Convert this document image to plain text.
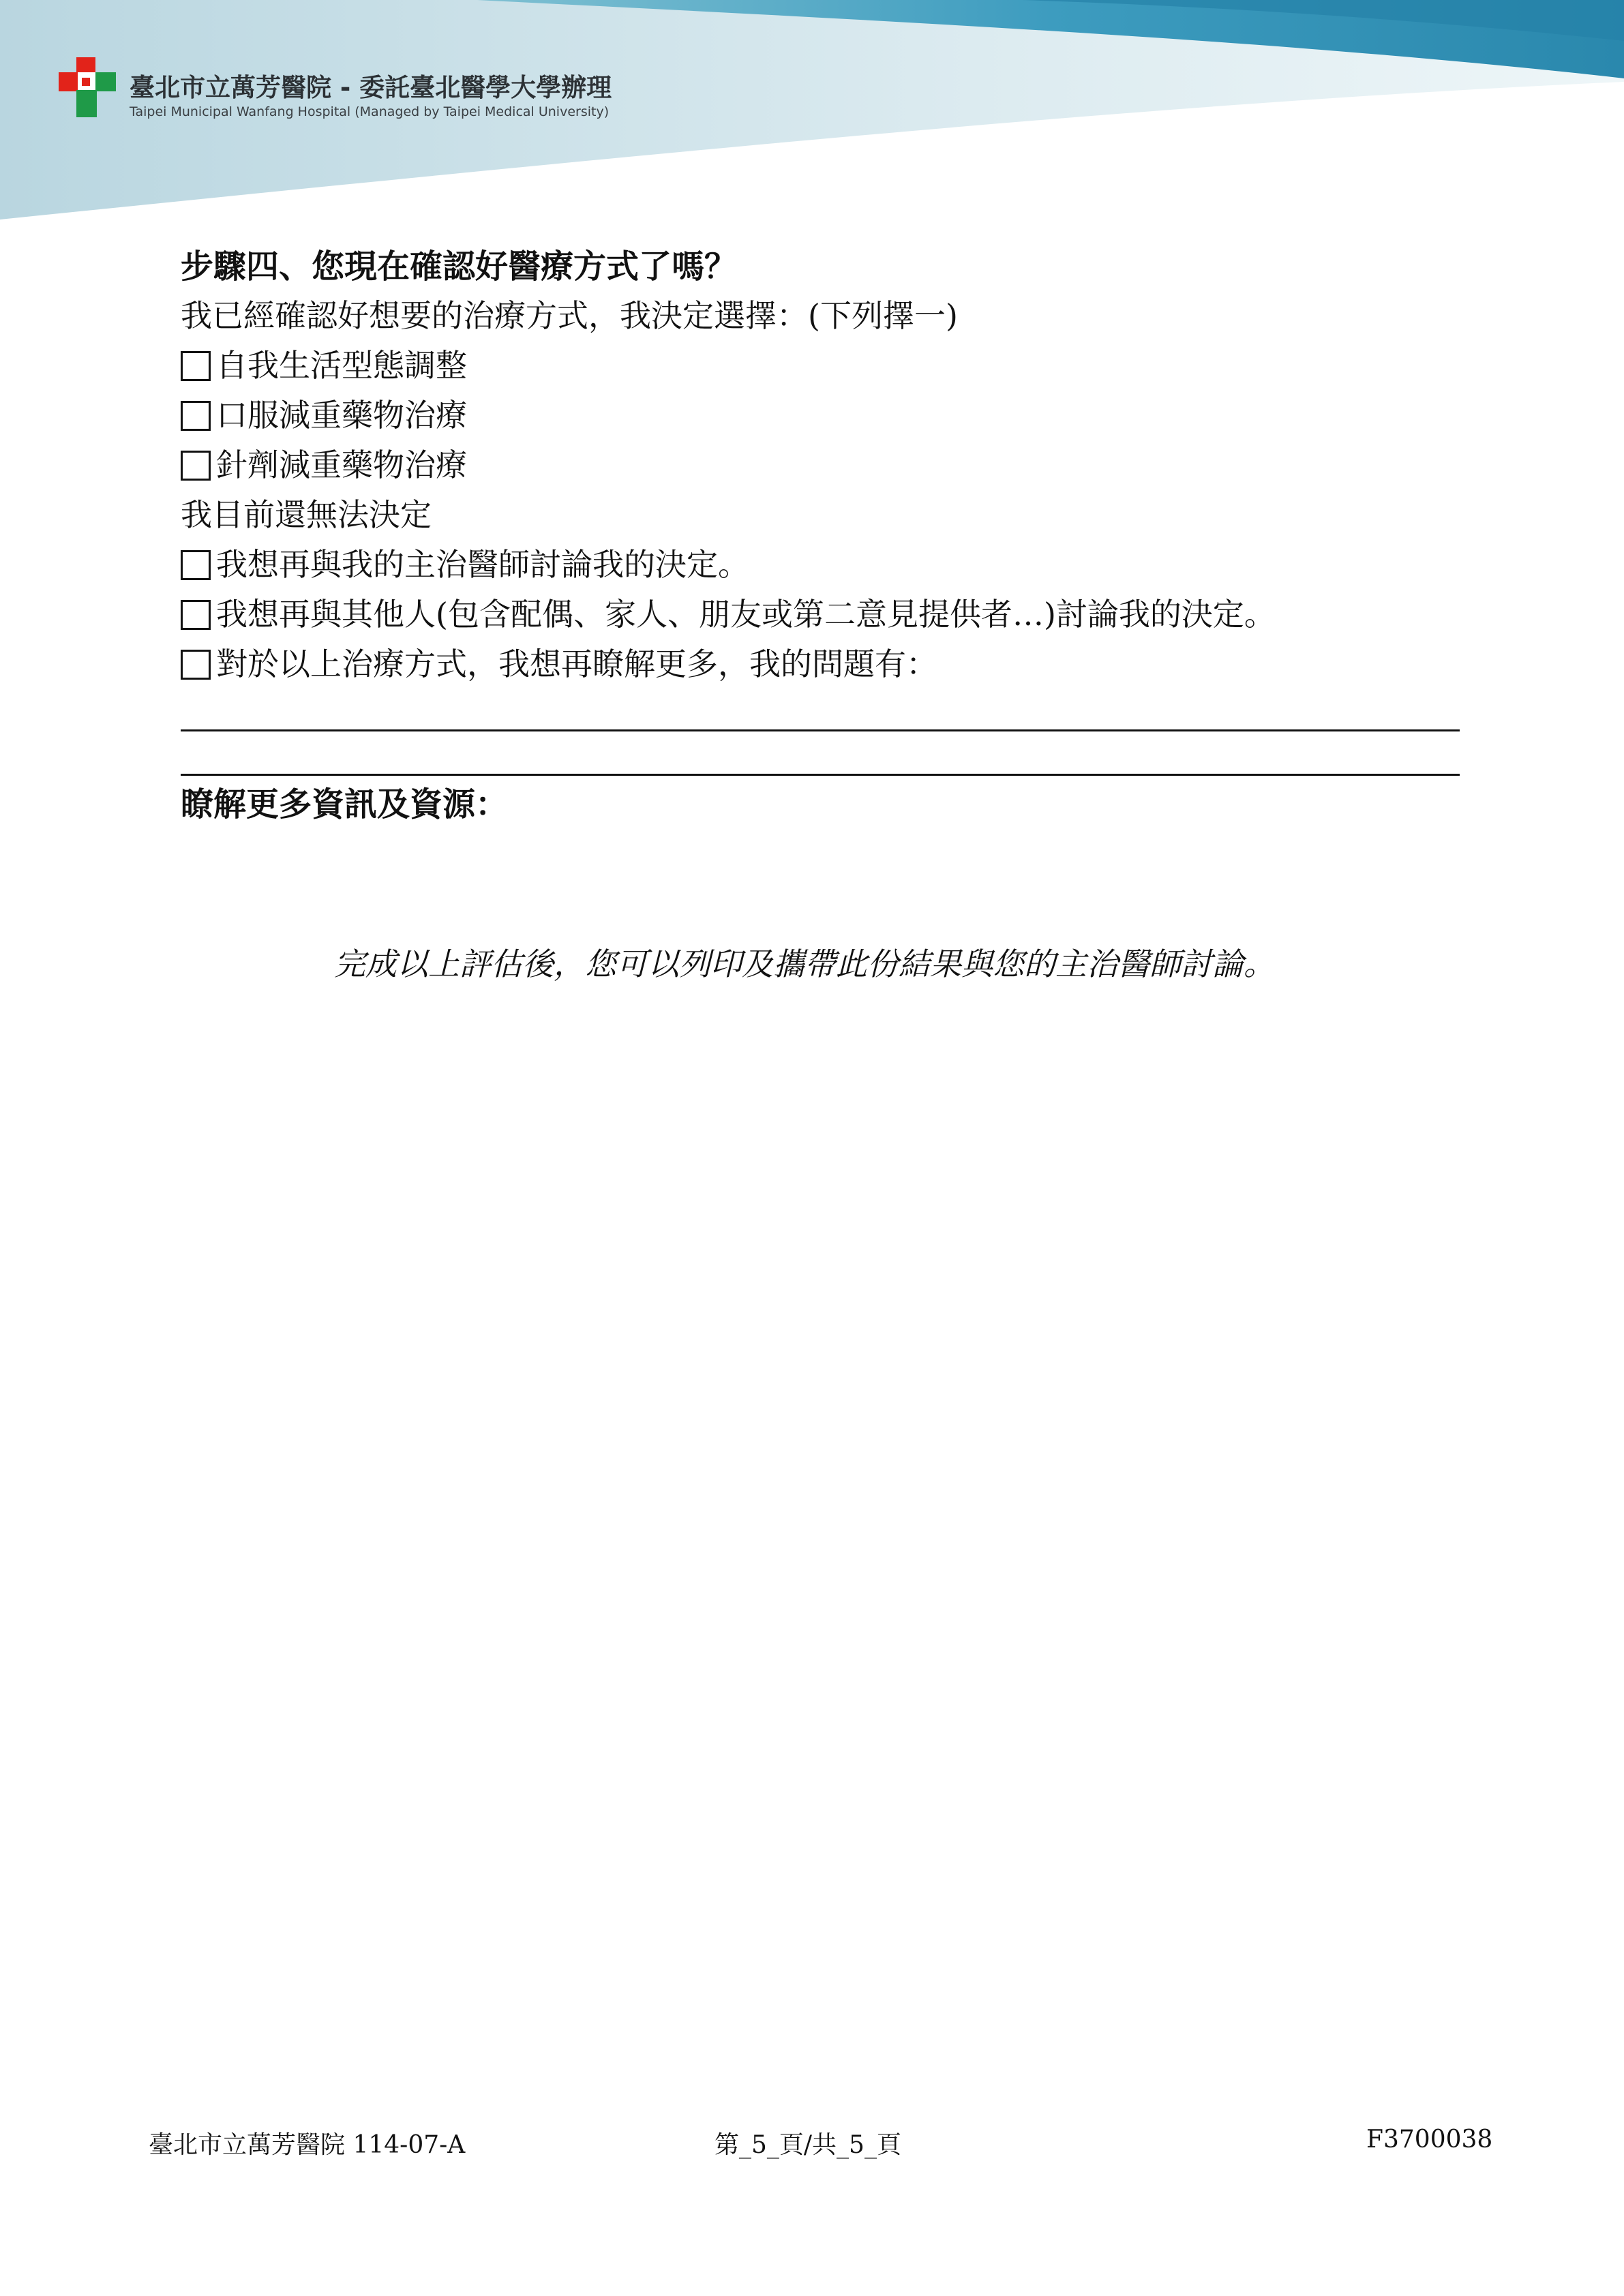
臺北市立萬芳醫院 - 委託臺北醫學大學辦理
Taipei Municipal Wanfang Hospital (Managed by Taipei Medical University)
步驟四、您現在確認好醫療方式了嗎？
我已經確認好想要的治療方式，我決定選擇：(下列擇一)
自我生活型態調整
口服減重藥物治療
針劑減重藥物治療
我目前還無法決定
我想再與我的主治醫師討論我的決定。
我想再與其他人(包含配偶、家人、朋友或第二意見提供者…)討論我的決定。
對於以上治療方式，我想再瞭解更多，我的問題有：
瞭解更多資訊及資源：
完成以上評估後，您可以列印及攜帶此份結果與您的主治醫師討論。
臺北市立萬芳醫院 114-07-A	第_5_頁/共_5_頁	F3700038
